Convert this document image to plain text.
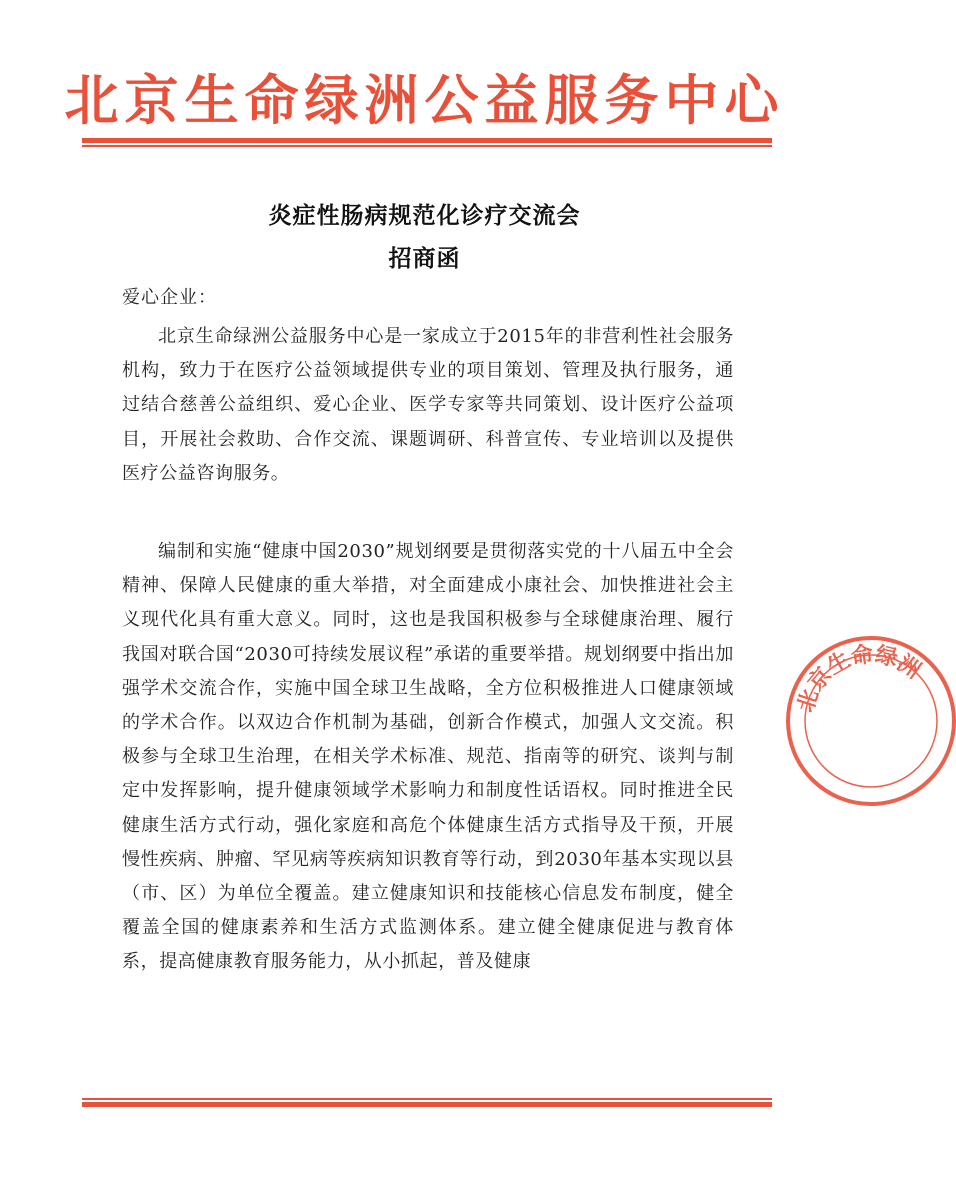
北京生命绿洲公益服务中心
炎症性肠病规范化诊疗交流会
招商函
爱心企业：

北京生命绿洲公益服务中心是一家成立于2015年的非营利性社会服务机构，致力于在医疗公益领域提供专业的项目策划、管理及执行服务，通过结合慈善公益组织、爱心企业、医学专家等共同策划、设计医疗公益项目，开展社会救助、合作交流、课题调研、科普宣传、专业培训以及提供医疗公益咨询服务。

编制和实施“健康中国2030”规划纲要是贯彻落实党的十八届五中全会精神、保障人民健康的重大举措，对全面建成小康社会、加快推进社会主义现代化具有重大意义。同时，这也是我国积极参与全球健康治理、履行我国对联合国“2030可持续发展议程”承诺的重要举措。规划纲要中指出加强学术交流合作，实施中国全球卫生战略，全方位积极推进人口健康领域的学术合作。以双边合作机制为基础，创新合作模式，加强人文交流。积极参与全球卫生治理，在相关学术标准、规范、指南等的研究、谈判与制定中发挥影响，提升健康领域学术影响力和制度性话语权。同时推进全民健康生活方式行动，强化家庭和高危个体健康生活方式指导及干预，开展慢性疾病、肿瘤、罕见病等疾病知识教育等行动，到2030年基本实现以县（市、区）为单位全覆盖。建立健康知识和技能核心信息发布制度，健全覆盖全国的健康素养和生活方式监测体系。建立健全健康促进与教育体系，提高健康教育服务能力，从小抓起，普及健康

北京生命绿洲
